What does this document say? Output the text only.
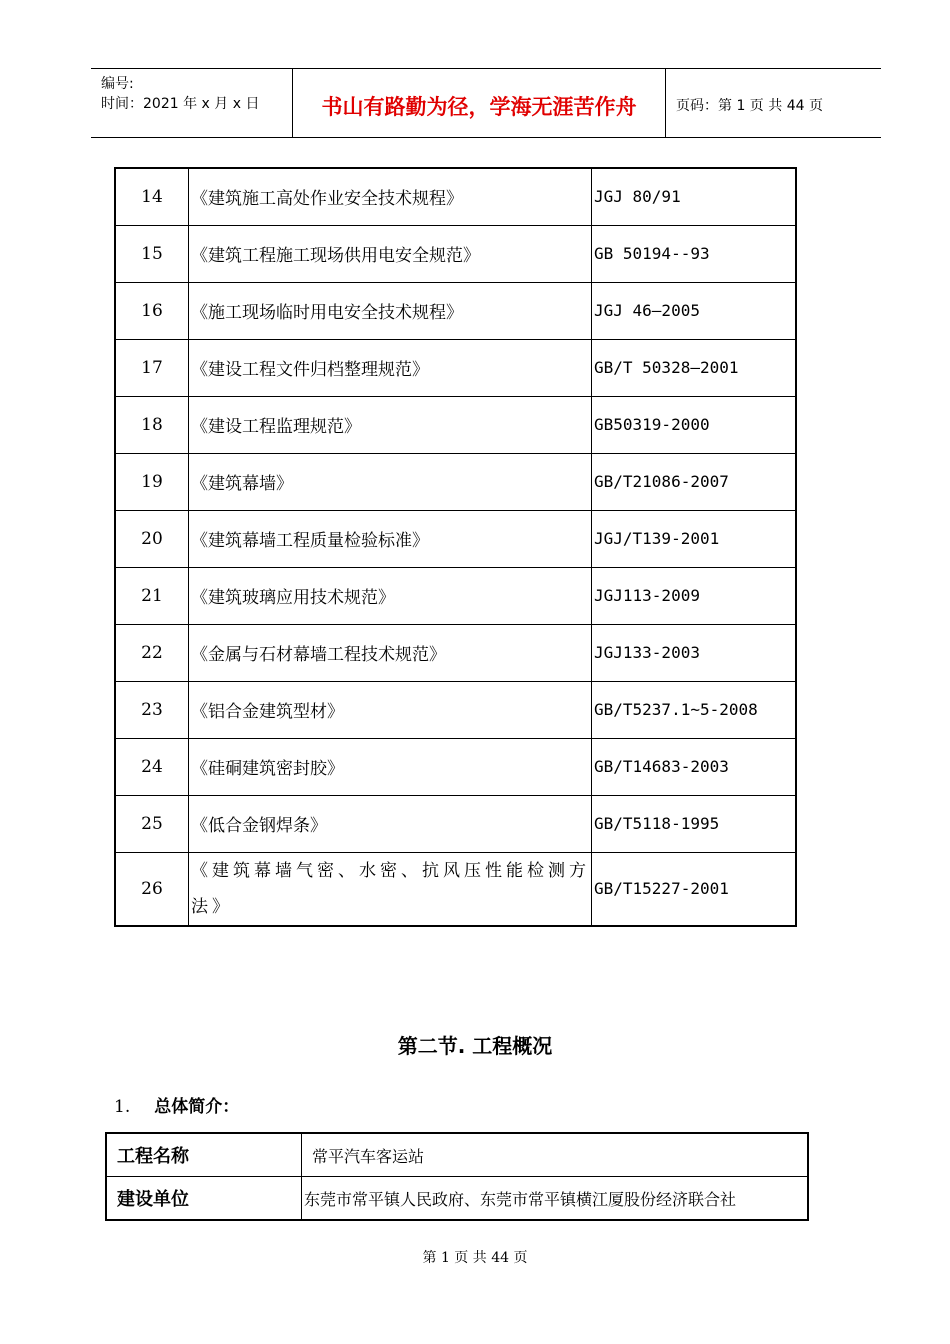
编号:
时间：2021 年 x 月 x 日	书山有路勤为径，学海无涯苦作舟	页码：第 1 页 共 44 页
14	《建筑施工高处作业安全技术规程》	JGJ 80/91
15	《建筑工程施工现场供用电安全规范》	GB 50194--93
16	《施工现场临时用电安全技术规程》	JGJ 46—2005
17	《建设工程文件归档整理规范》	GB/T 50328—2001
18	《建设工程监理规范》	GB50319-2000
19	《建筑幕墙》	GB/T21086-2007
20	《建筑幕墙工程质量检验标准》	JGJ/T139-2001
21	《建筑玻璃应用技术规范》	JGJ113-2009
22	《金属与石材幕墙工程技术规范》	JGJ133-2003
23	《铝合金建筑型材》	GB/T5237.1~5-2008
24	《硅硐建筑密封胶》	GB/T14683-2003
25	《低合金钢焊条》	GB/T5118-1995
26	《建筑幕墙气密、水密、抗风压性能检测方法》	GB/T15227-2001
第二节. 工程概况
1. 总体简介：
工程名称	常平汽车客运站
建设单位	东莞市常平镇人民政府、东莞市常平镇横江厦股份经济联合社
第 1 页 共 44 页
